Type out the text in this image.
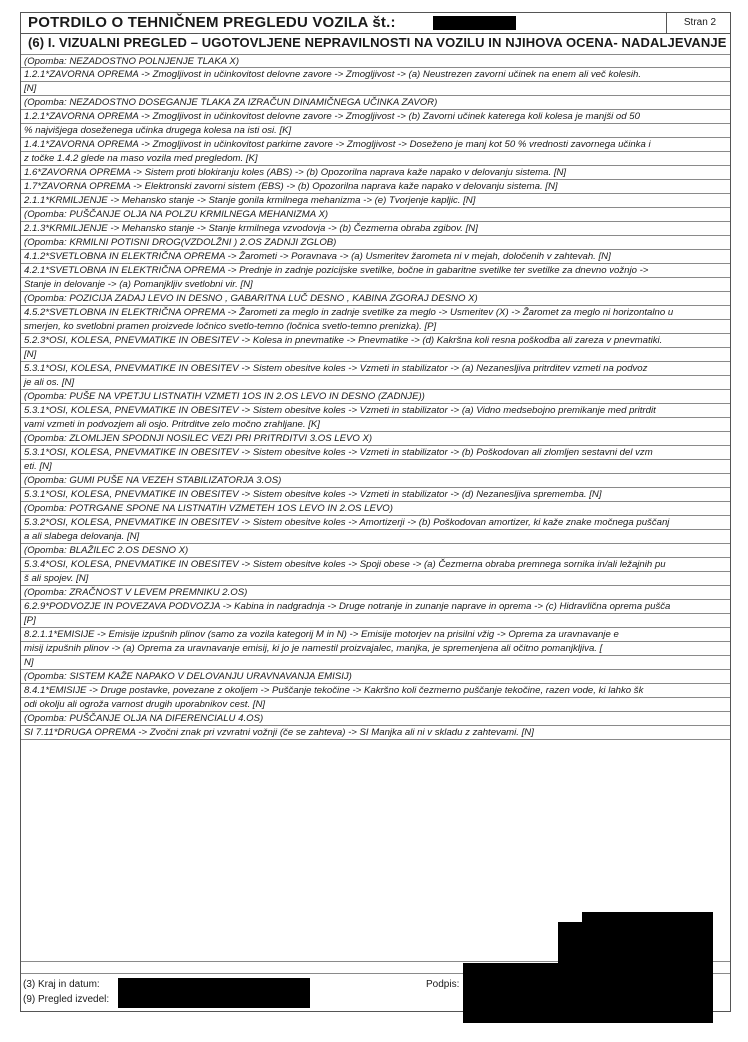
POTRDILO O TEHNIČNEM PREGLEDU VOZILA št.:	Stran 2
(6) I. VIZUALNI PREGLED – UGOTOVLJENE NEPRAVILNOSTI NA VOZILU IN NJIHOVA OCENA- NADALJEVANJE
(Opomba: NEZADOSTNO POLNJENJE TLAKA X)
1.2.1*ZAVORNA OPREMA -> Zmogljivost in učinkovitost delovne zavore -> Zmogljivost -> (a) Neustrezen zavorni učinek na enem ali več kolesih.
[N]
(Opomba: NEZADOSTNO DOSEGANJE TLAKA ZA IZRAČUN DINAMIČNEGA UČINKA ZAVOR)
1.2.1*ZAVORNA OPREMA -> Zmogljivost in učinkovitost delovne zavore -> Zmogljivost -> (b) Zavorni učinek katerega koli kolesa je manjši od 50
% najvišjega doseženega učinka drugega kolesa na isti osi. [K]
1.4.1*ZAVORNA OPREMA -> Zmogljivost in učinkovitost parkirne zavore -> Zmogljivost -> Doseženo je manj kot 50 % vrednosti zavornega učinka i
z točke 1.4.2 glede na maso vozila med pregledom. [K]
1.6*ZAVORNA OPREMA -> Sistem proti blokiranju koles (ABS) -> (b) Opozorilna naprava kaže napako v delovanju sistema. [N]
1.7*ZAVORNA OPREMA -> Elektronski zavorni sistem (EBS) -> (b) Opozorilna naprava kaže napako v delovanju sistema. [N]
2.1.1*KRMILJENJE -> Mehansko stanje -> Stanje gonila krmilnega mehanizma -> (e) Tvorjenje kapljic. [N]
(Opomba: PUŠČANJE OLJA NA POLZU KRMILNEGA MEHANIZMA X)
2.1.3*KRMILJENJE -> Mehansko stanje -> Stanje krmilnega vzvodovja -> (b) Čezmerna obraba zgibov. [N]
(Opomba: KRMILNI POTISNI DROG(VZDOLŽNI ) 2.OS ZADNJI ZGLOB)
4.1.2*SVETLOBNA IN ELEKTRIČNA OPREMA -> Žarometi -> Poravnava -> (a) Usmeritev žarometa ni v mejah, določenih v zahtevah. [N]
4.2.1*SVETLOBNA IN ELEKTRIČNA OPREMA -> Prednje in zadnje pozicijske svetilke, bočne in gabaritne svetilke ter svetilke za dnevno vožnjo ->
Stanje in delovanje -> (a) Pomanjkljiv svetlobni vir. [N]
(Opomba: POZICIJA ZADAJ LEVO IN DESNO , GABARITNA LUČ DESNO , KABINA ZGORAJ DESNO X)
4.5.2*SVETLOBNA IN ELEKTRIČNA OPREMA -> Žarometi za meglo in zadnje svetilke za meglo -> Usmeritev (X) -> Žaromet za meglo ni horizontalno u
smerjen, ko svetlobni pramen proizvede ločnico svetlo-temno (ločnica svetlo-temno prenizka). [P]
5.2.3*OSI, KOLESA, PNEVMATIKE IN OBESITEV -> Kolesa in pnevmatike -> Pnevmatike -> (d) Kakršna koli resna poškodba ali zareza v pnevmatiki.
[N]
5.3.1*OSI, KOLESA, PNEVMATIKE IN OBESITEV -> Sistem obesitve koles -> Vzmeti in stabilizator -> (a) Nezanesljiva pritrditev vzmeti na podvoz
je ali os. [N]
(Opomba: PUŠE NA VPETJU LISTNATIH VZMETI 1OS IN 2.OS LEVO IN DESNO (ZADNJE))
5.3.1*OSI, KOLESA, PNEVMATIKE IN OBESITEV -> Sistem obesitve koles -> Vzmeti in stabilizator -> (a) Vidno medsebojno premikanje med pritrdit
vami vzmeti in podvozjem ali osjo. Pritrditve zelo močno zrahljane. [K]
(Opomba: ZLOMLJEN SPODNJI NOSILEC VEZI PRI PRITRDITVI 3.OS LEVO X)
5.3.1*OSI, KOLESA, PNEVMATIKE IN OBESITEV -> Sistem obesitve koles -> Vzmeti in stabilizator -> (b) Poškodovan ali zlomljen sestavni del vzm
eti. [N]
(Opomba: GUMI PUŠE NA VEZEH STABILIZATORJA 3.OS)
5.3.1*OSI, KOLESA, PNEVMATIKE IN OBESITEV -> Sistem obesitve koles -> Vzmeti in stabilizator -> (d) Nezanesljiva sprememba. [N]
(Opomba: POTRGANE SPONE NA LISTNATIH VZMETEH 1OS LEVO IN 2.OS LEVO)
5.3.2*OSI, KOLESA, PNEVMATIKE IN OBESITEV -> Sistem obesitve koles -> Amortizerji -> (b) Poškodovan amortizer, ki kaže znake močnega puščanj
a ali slabega delovanja. [N]
(Opomba: BLAŽILEC 2.OS DESNO X)
5.3.4*OSI, KOLESA, PNEVMATIKE IN OBESITEV -> Sistem obesitve koles -> Spoji obese -> (a) Čezmerna obraba premnega sornika in/ali ležajnih pu
š ali spojev. [N]
(Opomba: ZRAČNOST V LEVEM PREMNIKU 2.OS)
6.2.9*PODVOZJE IN POVEZAVA PODVOZJA -> Kabina in nadgradnja -> Druge notranje in zunanje naprave in oprema -> (c) Hidravlična oprema pušča
[P]
8.2.1.1*EMISIJE -> Emisije izpušnih plinov (samo za vozila kategorij M in N) -> Emisije motorjev na prisilni vžig -> Oprema za uravnavanje e
misij izpušnih plinov -> (a) Oprema za uravnavanje emisij, ki jo je namestil proizvajalec, manjka, je spremenjena ali očitno pomanjkljiva. [
N]
(Opomba: SISTEM KAŽE NAPAKO V DELOVANJU URAVNAVANJA EMISIJ)
8.4.1*EMISIJE -> Druge postavke, povezane z okoljem -> Puščanje tekočine -> Kakršno koli čezmerno puščanje tekočine, razen vode, ki lahko šk
odi okolju ali ogroža varnost drugih uporabnikov cest. [N]
(Opomba: PUŠČANJE OLJA NA DIFERENCIALU 4.OS)
SI 7.11*DRUGA OPREMA -> Zvočni znak pri vzvratni vožnji (če se zahteva) -> SI Manjka ali ni v skladu z zahtevami. [N]
(3) Kraj in datum:
(9) Pregled izvedel:
Podpis:
